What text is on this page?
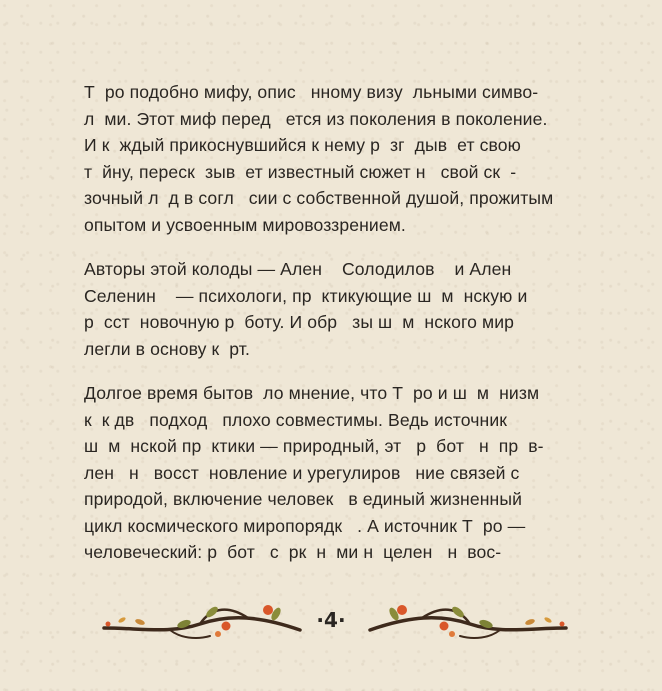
Т  ро подобно мифу, опис   нному визу  льными симво-
л  ми. Этот миф перед   ется из поколения в поколение.
И к  ждый прикоснувшийся к нему р  зг  дыв  ет свою
т  йну, переск  зыв  ет известный сюжет н   свой ск  -
зочный л  д в согл   сии с собственной душой, прожитым
опытом и усвоенным мировоззрением.

Авторы этой колоды — Ален    Солодилов    и Ален
Селенин    — психологи, пр  ктикующие ш  м  нскую и
р  сст  новочную р  боту. И обр   зы ш  м  нского мир
легли в основу к  рт.

Долгое время бытов  ло мнение, что Т  ро и ш  м  низм
к  к дв   подход   плохо совместимы. Ведь источник
ш  м  нской пр  ктики — природный, эт   р  бот   н  пр  в-
лен   н   восст  новление и урегулиров   ние связей с
природой, включение человек   в единый жизненный
цикл космического миропорядк   . А источник Т  ро —
человеческий: р  бот   с  рк  н  ми н  целен   н  вос-

·4·
